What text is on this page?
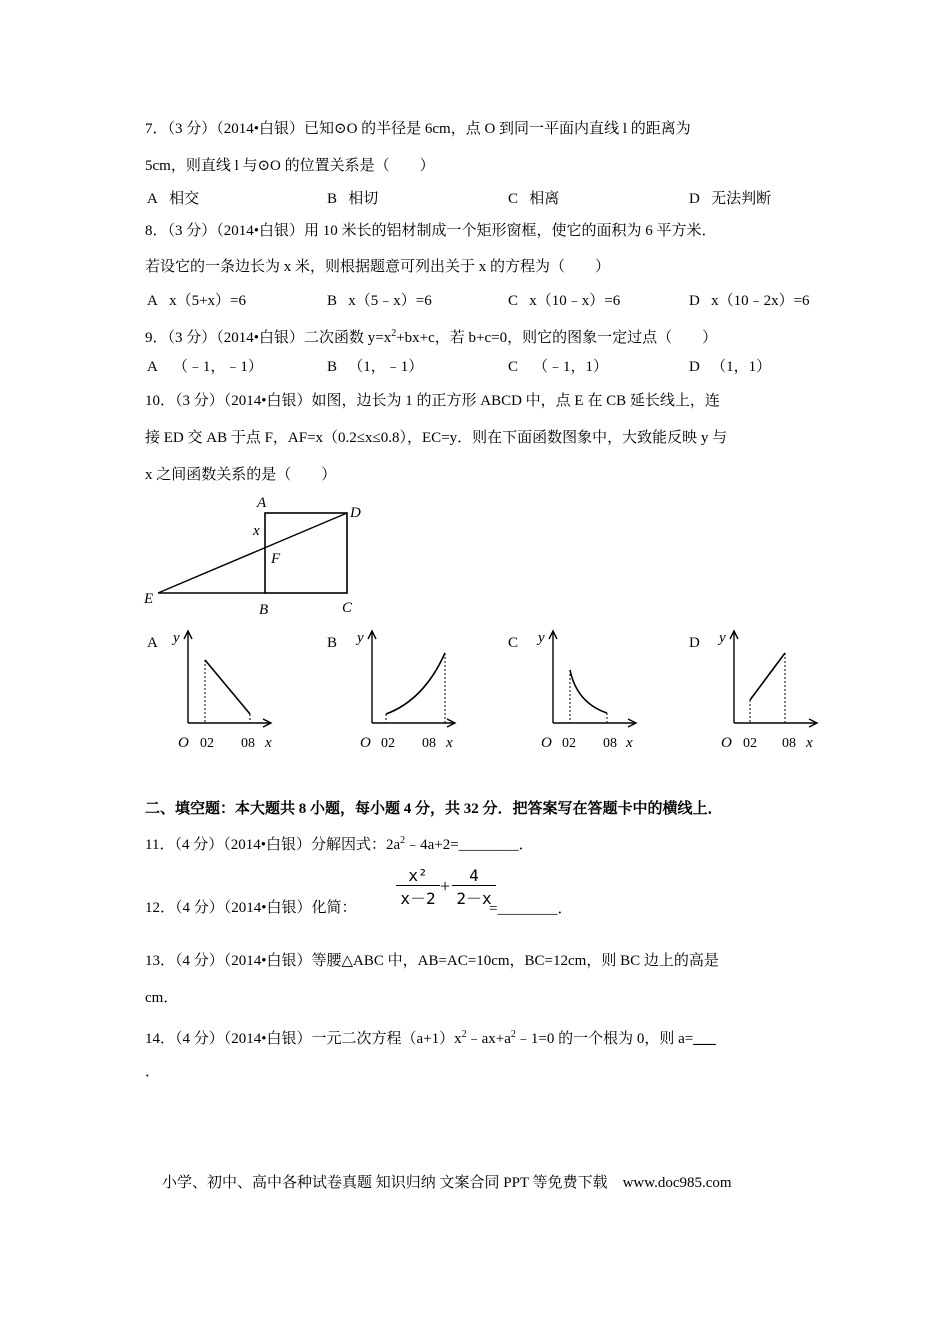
7．（3 分）（2014•白银）已知⊙O 的半径是 6cm，点 O 到同一平面内直线 l 的距离为
5cm，则直线 l 与⊙O 的位置关系是（　　）
A 相交	B 相切	C 相离	D 无法判断
8．（3 分）（2014•白银）用 10 米长的铝材制成一个矩形窗框，使它的面积为 6 平方米．
若设它的一条边长为 x 米，则根据题意可列出关于 x 的方程为（　　）
A x（5+x）=6	B x（5﹣x）=6	C x（10﹣x）=6	D x（10﹣2x）=6
9．（3 分）（2014•白银）二次函数 $y=x^2+bx+c$，若 b+c=0，则它的图象一定过点（　　）
A （﹣1，﹣1）	B （1，﹣1）	C （﹣1，1）	D （1，1）
10．（3 分）（2014•白银）如图，边长为 1 的正方形 ABCD 中，点 E 在 CB 延长线上，连
接 ED 交 AB 于点 F，AF=x（0.2≤x≤0.8），EC=y．则在下面函数图象中，大致能反映 y 与
x 之间函数关系的是（　　）
A
D
x
F
E
B	C
A y
O 02 08 x
B y
O 02 08 x
C y
O 02 08 x
D y
O 02 08 x
二、填空题：本大题共 8 小题，每小题 4 分，共 32 分．把答案写在答题卡中的横线上．
11．（4 分）（2014•白银）分解因式：$2a^2﹣4a+2=\_\_\_\_\_\_\_\_$．
12．（4 分）（2014•白银）化简：
x²
x－2
+
4
2－x
=________．
13．（4 分）（2014•白银）等腰△ABC 中，AB=AC=10cm，BC=12cm，则 BC 边上的高是
cm．
14．（4 分）（2014•白银）一元二次方程$(a+1)x^2﹣ax+a^2﹣1=0$ 的一个根为 0，则 a=___
．
小学、初中、高中各种试卷真题 知识归纳 文案合同 PPT 等免费下载 www.doc985.com
